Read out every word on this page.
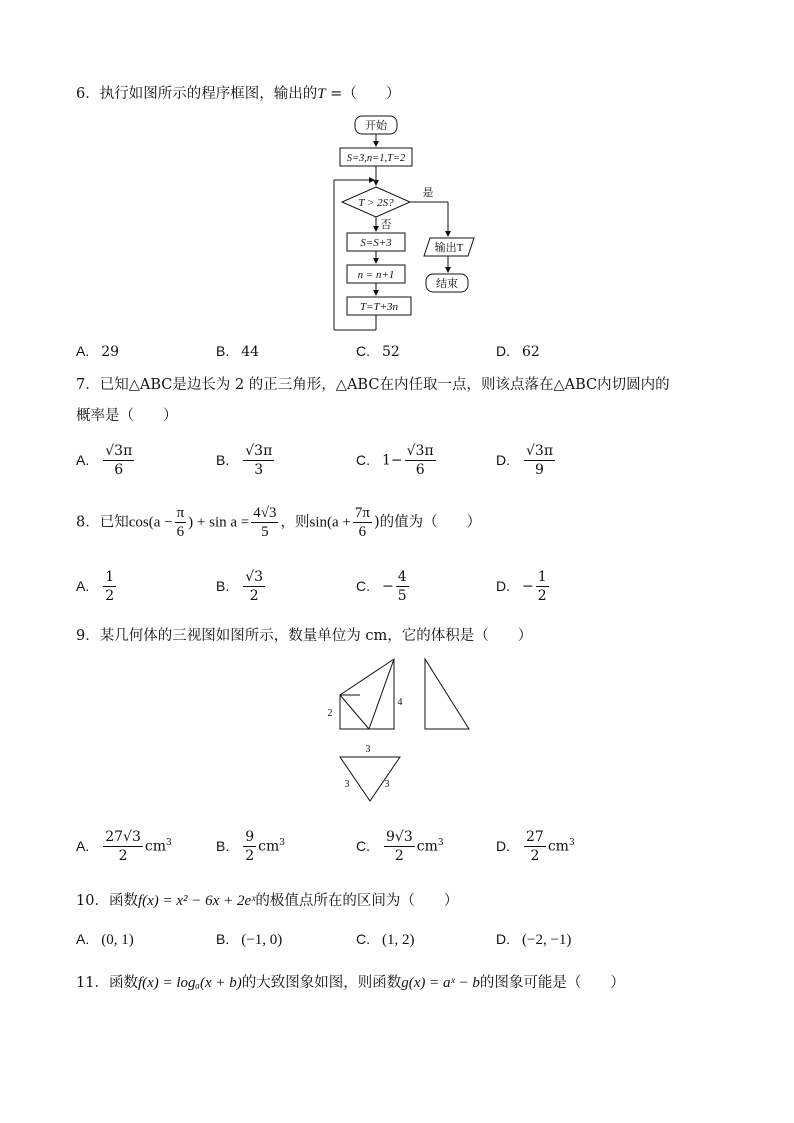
6．执行如图所示的程序框图，输出的T =（　　）
开始
S=3,n=1,T=2
T > 2S?
是
否
S=S+3
n = n+1
T=T+3n
输出T
结束
A. 29	B. 44	C. 52	D. 62
7．已知△ABC是边长为 2 的正三角形，△ABC在内任取一点，则该点落在△ABC内切圆内的
概率是（　　）
A. $\frac{√3\pi}{6}$	B. $\frac{√3\pi}{3}$	C. $1- \frac{√3\pi}{6}$	D. $\frac{√3\pi}{9}$
8．已知$\cos(a - \frac{\pi}{6}$ ) + $\sin a = \frac{4√3}{5}$ ，则$\sin(a + \frac{7\pi}{6}$ )的值为（　　）
A. $\frac{1}{2}$	B. $\frac{√3}{2}$	C. − $\frac{4}{5}$	D. − $\frac{1}{2}$
9．某几何体的三视图如图所示，数量单位为 cm，它的体积是（　　）
2
4
3
3	3
A. $\frac{27√3}{2} cm^3$	B. $\frac{9}{2} cm^3$	C. $\frac{9√3}{2} cm^3$	D. $\frac{27}{2} cm^3$
10．函数f(x) = x² − 6x + 2eˣ的极值点所在的区间为（　　）
A. (0, 1)	B. (−1, 0)	C. (1, 2)	D. (−2, −1)
11．函数f(x) = logₐ(x + b)的大致图象如图，则函数g(x) = aˣ − b的图象可能是（　　）
